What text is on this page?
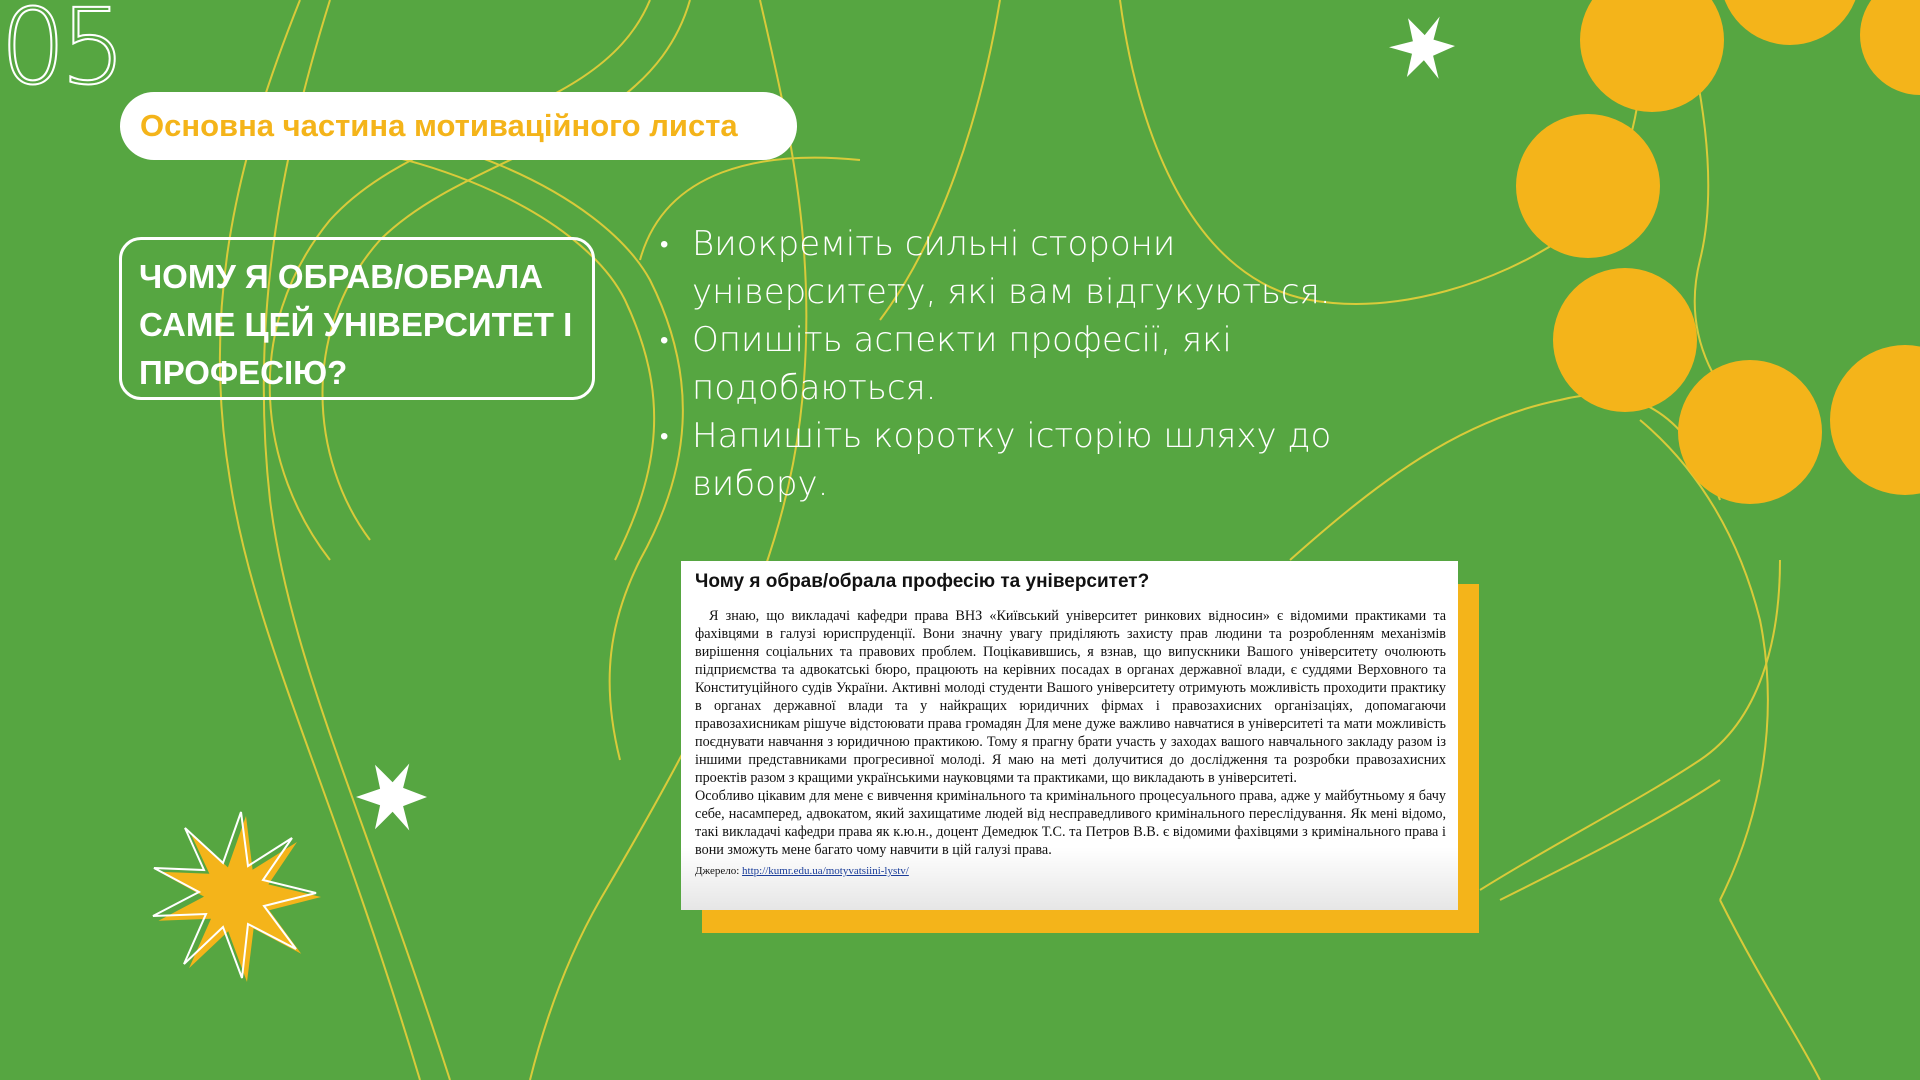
05
Основна частина мотиваційного листа
ЧОМУ Я ОБРАВ/ОБРАЛА САМЕ ЦЕЙ УНІВЕРСИТЕТ І ПРОФЕСІЮ?
• Виокреміть сильні сторони університету, які вам відгукуються.
• Опишіть аспекти професії, які подобаються.
• Напишіть коротку історію шляху до вибору.
Чому я обрав/обрала професію та університет?

Я знаю, що викладачі кафедри права ВНЗ «Київський університет ринкових відносин» є відомими практиками та фахівцями в галузі юриспруденції. Вони значну увагу приділяють захисту прав людини та розробленням механізмів вирішення соціальних та правових проблем. Поцікавившись, я взнав, що випускники Вашого університету очолюють підприємства та адвокатські бюро, працюють на керівних посадах в органах державної влади, є суддями Верховного та Конституційного судів України. Активні молоді студенти Вашого університету отримують можливість проходити практику в органах державної влади та у найкращих юридичних фірмах і правозахисних організаціях, допомагаючи правозахисникам рішуче відстоювати права громадян Для мене дуже важливо навчатися в університеті та мати можливість поєднувати навчання з юридичною практикою. Тому я прагну брати участь у заходах вашого навчального закладу разом із іншими представниками прогресивної молоді. Я маю на меті долучитися до дослідження та розробки правозахисних проектів разом з кращими українськими науковцями та практиками, що викладають в університеті.

Особливо цікавим для мене є вивчення кримінального та кримінального процесуального права, адже у майбутньому я бачу себе, насамперед, адвокатом, який захищатиме людей від несправедливого кримінального переслідування. Як мені відомо, такі викладачі кафедри права як к.ю.н., доцент Демедюк Т.С. та Петров В.В. є відомими фахівцями з кримінального права і вони зможуть мене багато чому навчити в цій галузі права.

Джерело: http://kumr.edu.ua/motyvatsiini-lystv/
